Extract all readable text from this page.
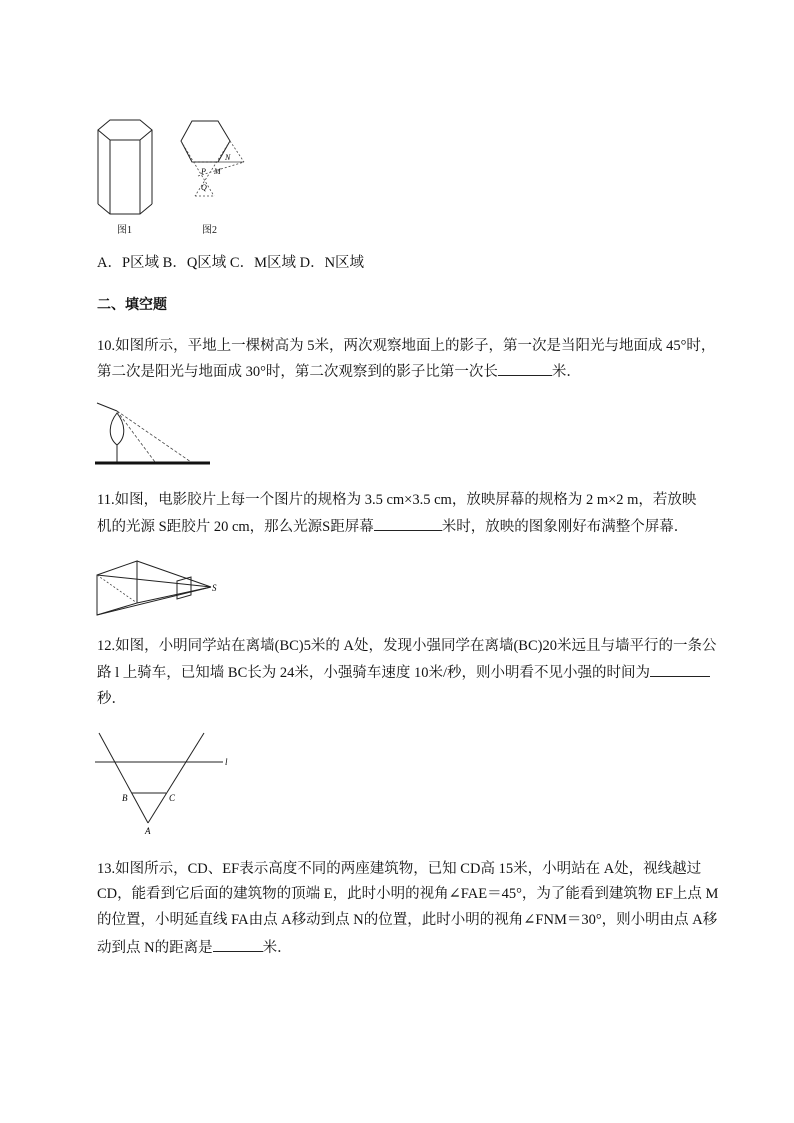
图1
N
P M
Q
图2
A．P区域 B．Q区域 C．M区域 D．N区域
二、填空题
10.如图所示，平地上一棵树高为 5米，两次观察地面上的影子，第一次是当阳光与地面成 45°时，
第二次是阳光与地面成 30°时，第二次观察到的影子比第一次长	米．
11.如图，电影胶片上每一个图片的规格为 3.5 cm×3.5 cm，放映屏幕的规格为 2 m×2 m，若放映
机的光源 S距胶片 20 cm，那么光源S距屏幕	米时，放映的图象刚好布满整个屏幕．
S
12.如图，小明同学站在离墙(BC)5米的 A处，发现小强同学在离墙(BC)20米远且与墙平行的一条公
路 l 上骑车，已知墙 BC长为 24米，小强骑车速度 10米/秒，则小明看不见小强的时间为
秒．
l
B	C
A
13.如图所示，CD、EF表示高度不同的两座建筑物，已知 CD高 15米，小明站在 A处，视线越过
CD，能看到它后面的建筑物的顶端 E，此时小明的视角∠FAE＝45°，为了能看到建筑物 EF上点 M
的位置，小明延直线 FA由点 A移动到点 N的位置，此时小明的视角∠FNM＝30°，则小明由点 A移
动到点 N的距离是	米．
